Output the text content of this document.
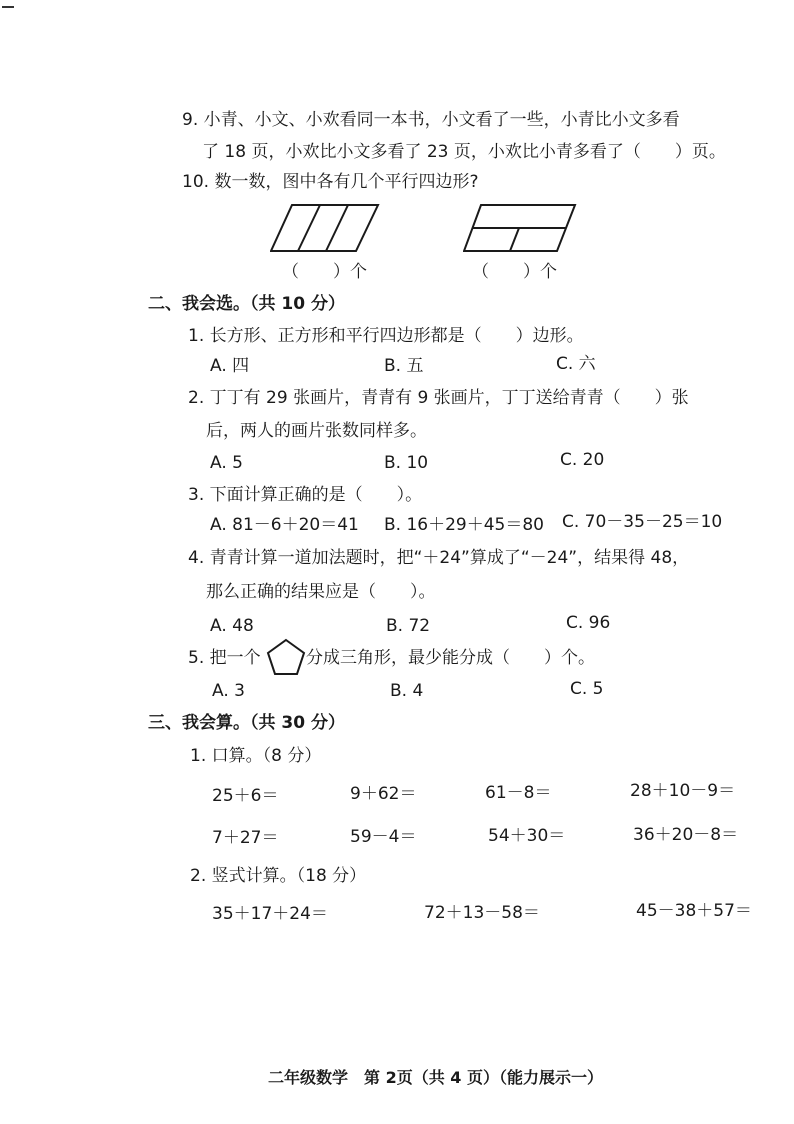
9. 小青、小文、小欢看同一本书，小文看了一些，小青比小文多看
了 18 页，小欢比小文多看了 23 页，小欢比小青多看了（　　）页。
10. 数一数，图中各有几个平行四边形?
（　　）个	（　　）个
二、我会选。（共 10 分）
1. 长方形、正方形和平行四边形都是（　　）边形。
A. 四	B. 五	C. 六
2. 丁丁有 29 张画片，青青有 9 张画片，丁丁送给青青（　　）张
后，两人的画片张数同样多。
A. 5	B. 10	C. 20
3. 下面计算正确的是（　　）。
A. 81－6＋20＝41 B. 16＋29＋45＝80 C. 70－35－25＝10
4. 青青计算一道加法题时，把“＋24”算成了“－24”，结果得 48，
那么正确的结果应是（　　）。
A. 48	B. 72	C. 96
5. 把一个	分成三角形，最少能分成（　　）个。
A. 3	B. 4	C. 5
三、我会算。（共 30 分）
1. 口算。（8 分）
25＋6＝	9＋62＝	61－8＝	28＋10－9＝
7＋27＝	59－4＝	54＋30＝	36＋20－8＝
2. 竖式计算。（18 分）
35＋17＋24＝	72＋13－58＝	45－38＋57＝
二年级数学　第 2页（共 4 页）（能力展示一）
